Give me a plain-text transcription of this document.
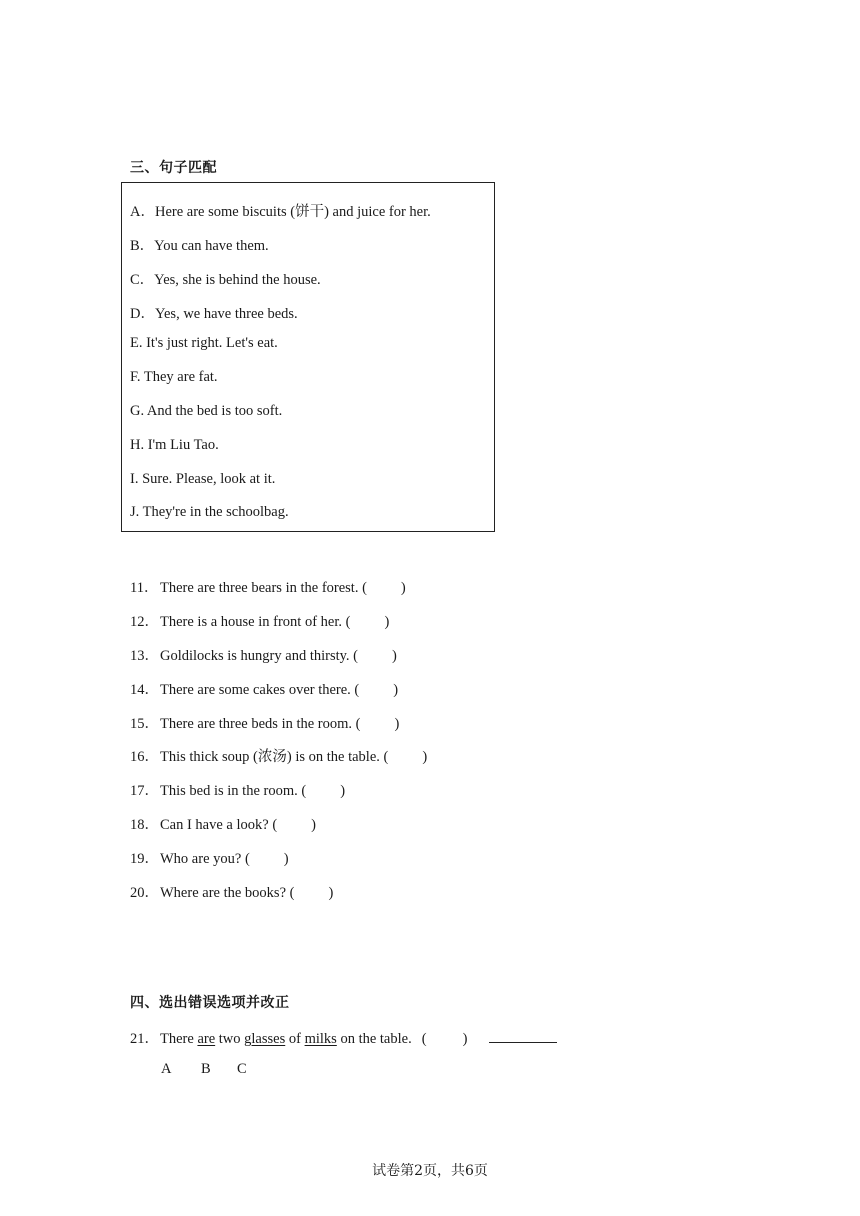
三、句子匹配
A．Here are some biscuits (饼干) and juice for her.
B．You can have them.
C．Yes, she is behind the house.
D．Yes, we have three beds.
E. It's just right. Let's eat.
F. They are fat.
G. And the bed is too soft.
H. I'm Liu Tao.
I. Sure. Please, look at it.
J. They're in the schoolbag.
11． There are three bears in the forest. ( )
12．There is a house in front of her. ( )
13．Goldilocks is hungry and thirsty. ( )
14．There are some cakes over there. ( )
15．There are three beds in the room. ( )
16．This thick soup (浓汤) is on the table. ( )
17．This bed is in the room. ( )
18．Can I have a look? ( )
19．Who are you? ( )
20．Where are the books? ( )
四、选出错误选项并改正
21．There are two glasses of milks on the table. ( )
A B C
试卷第2页，共6页
